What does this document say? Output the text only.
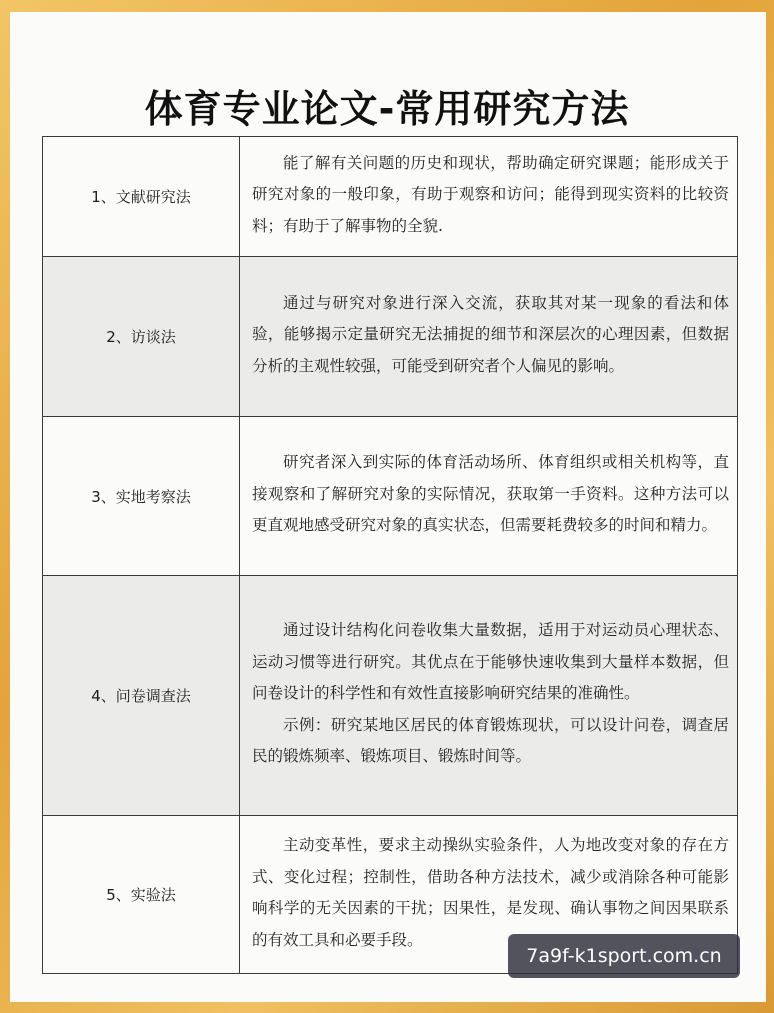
体育专业论文-常用研究方法
1、文献研究法	能了解有关问题的历史和现状，帮助确定研究课题；能形成关于研究对象的一般印象，有助于观察和访问；能得到现实资料的比较资料；有助于了解事物的全貌.

2、访谈法	通过与研究对象进行深入交流，获取其对某一现象的看法和体验，能够揭示定量研究无法捕捉的细节和深层次的心理因素，但数据分析的主观性较强，可能受到研究者个人偏见的影响。

3、实地考察法	研究者深入到实际的体育活动场所、体育组织或相关机构等，直接观察和了解研究对象的实际情况，获取第一手资料。这种方法可以更直观地感受研究对象的真实状态，但需要耗费较多的时间和精力。

4、问卷调查法	通过设计结构化问卷收集大量数据，适用于对运动员心理状态、运动习惯等进行研究。其优点在于能够快速收集到大量样本数据，但问卷设计的科学性和有效性直接影响研究结果的准确性。

示例：研究某地区居民的体育锻炼现状，可以设计问卷，调查居民的锻炼频率、锻炼项目、锻炼时间等。

5、实验法	主动变革性，要求主动操纵实验条件，人为地改变对象的存在方式、变化过程；控制性，借助各种方法技术，减少或消除各种可能影响科学的无关因素的干扰；因果性，是发现、确认事物之间因果联系的有效工具和必要手段。

7a9f-k1sport.com.cn
